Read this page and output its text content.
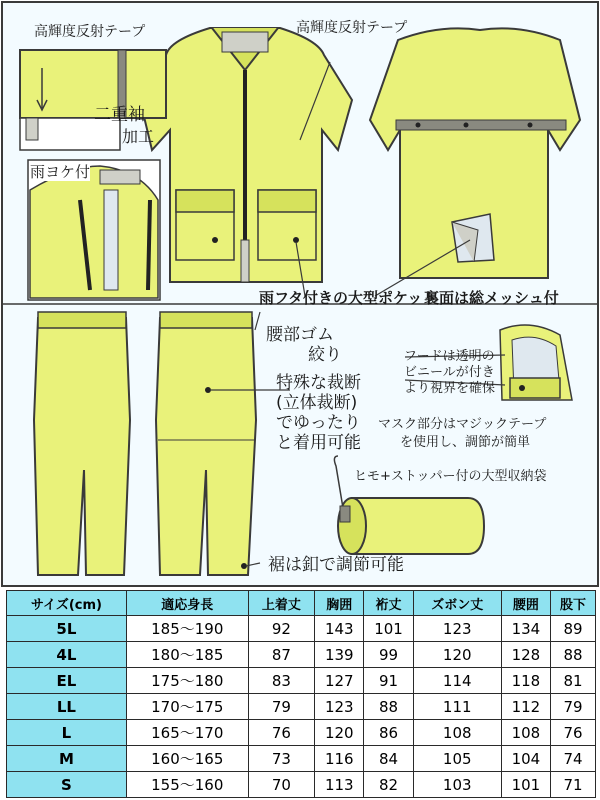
高輝度反射テープ	高輝度反射テープ
二重袖
加工
雨ヨケ付
雨フタ付きの大型ポケット
裏面は総メッシュ付
腰部ゴム
絞り
特殊な裁断
(立体裁断)
でゆったり
と着用可能
フードは透明の
ビニールが付き
より視界を確保
マスク部分はマジックテープ
を使用し、調節が簡単
ヒモ+ストッパー付の大型収納袋
裾は釦で調節可能
サイズ(cm)	適応身長	上着丈	胸囲	裄丈	ズボン丈	腰囲	股下
5L	185～190	92	143	101	123	134	89
4L	180～185	87	139	99	120	128	88
EL	175～180	83	127	91	114	118	81
LL	170～175	79	123	88	111	112	79
L	165～170	76	120	86	108	108	76
M	160～165	73	116	84	105	104	74
S	155～160	70	113	82	103	101	71
